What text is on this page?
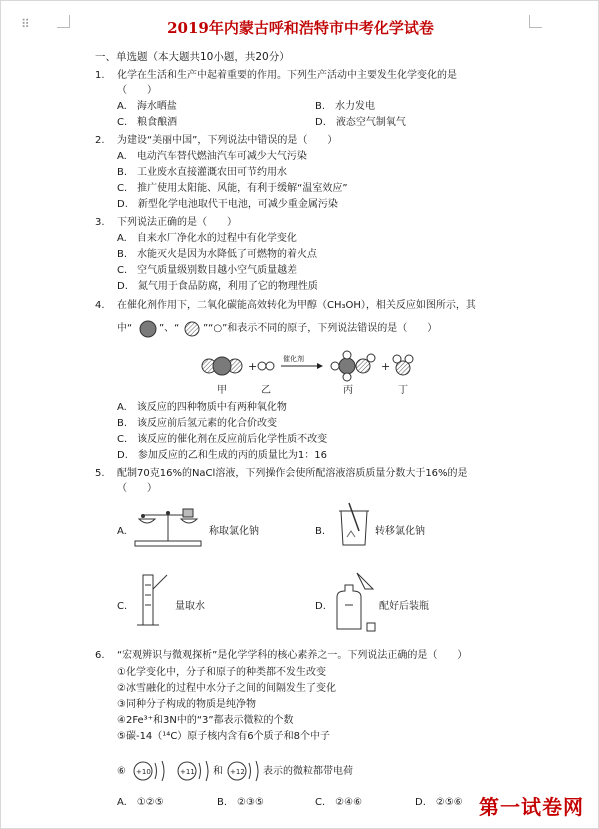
⠿	2019年内蒙古呼和浩特市中考化学试卷
一、单选题（本大题共10小题，共20分）
1. 化学在生活和生产中起着重要的作用。下列生产活动中主要发生化学变化的是
（　　）
A.　海水晒盐	B.　水力发电
C.　粮食酿酒	D.　液态空气制氧气
2. 为建设“美丽中国”，下列说法中错误的是（　　）
A.　电动汽车替代燃油汽车可减少大气污染
B.　工业废水直接灌溉农田可节约用水
C.　推广使用太阳能、风能，有利于缓解“温室效应”
D.　新型化学电池取代干电池，可减少重金属污染
3. 下列说法正确的是（　　）
A.　自来水厂净化水的过程中有化学变化
B.　水能灭火是因为水降低了可燃物的着火点
C.　空气质量级别数目越小空气质量越差
D.　氮气用于食品防腐，利用了它的物理性质
4. 在催化剂作用下，二氧化碳能高效转化为甲醇（CH₃OH），相关反应如图所示，其
中“	”、“ ”“○”和表示不同的原子，下列说法错误的是（　　）
+
催化剂
+
甲	乙	丙	丁
A.　该反应的四种物质中有两种氧化物
B.　该反应前后氢元素的化合价改变
C.　该反应的催化剂在反应前后化学性质不改变
D.　参加反应的乙和生成的丙的质量比为1：16
5. 配制70克16%的NaCl溶液，下列操作会使所配溶液溶质质量分数大于16%的是
（　　）
A.	称取氯化钠	B.	转移氯化钠
C.	量取水	D.	配好后装瓶
6. “宏观辨识与微观探析”是化学学科的核心素养之一。下列说法正确的是（　　）
①化学变化中，分子和原子的种类都不发生改变
②冰雪融化的过程中水分子之间的间隔发生了变化
③同种分子构成的物质是纯净物
④2Fe³⁺和3N中的“3”都表示微粒的个数
⑤碳-14（¹⁴C）原子核内含有6个质子和8个中子
⑥ +10	+11 和 +12 表示的微粒都带电荷
A.　①②⑤	B.　②③⑤	C.　②④⑥	D.　②⑤⑥ 第一试卷网
